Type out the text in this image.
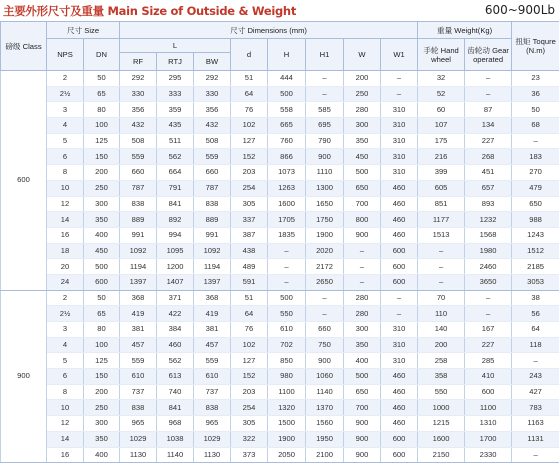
主要外形尺寸及重量 Main Size of Outside & Weight	600~900Lb
磅级 Class	尺寸 Size		尺寸 Dimensions (mm)								重量 Weight(Kg)		扭矩 Toqure (N.m)
	NPS	DN	L			d	H	H1	W	W1	手轮 Hand wheel	齿轮动 Gear operated	
			RF	RTJ	BW								
600	2	50	292	295	292	51	444	–	200	–	32	–	23
	2½	65	330	333	330	64	500	–	250	–	52	–	36
	3	80	356	359	356	76	558	585	280	310	60	87	50
	4	100	432	435	432	102	665	695	300	310	107	134	68
	5	125	508	511	508	127	760	790	350	310	175	227	–
	6	150	559	562	559	152	866	900	450	310	216	268	183
	8	200	660	664	660	203	1073	1110	500	310	399	451	270
	10	250	787	791	787	254	1263	1300	650	460	605	657	479
	12	300	838	841	838	305	1600	1650	700	460	851	893	650
	14	350	889	892	889	337	1705	1750	800	460	1177	1232	988
	16	400	991	994	991	387	1835	1900	900	460	1513	1568	1243
	18	450	1092	1095	1092	438	–	2020	–	600	–	1980	1512
	20	500	1194	1200	1194	489	–	2172	–	600	–	2460	2185
	24	600	1397	1407	1397	591	–	2650	–	600	–	3650	3053
900	2	50	368	371	368	51	500	–	280	–	70	–	38
	2½	65	419	422	419	64	550	–	280	–	110	–	56
	3	80	381	384	381	76	610	660	300	310	140	167	64
	4	100	457	460	457	102	702	750	350	310	200	227	118
	5	125	559	562	559	127	850	900	400	310	258	285	–
	6	150	610	613	610	152	980	1060	500	460	358	410	243
	8	200	737	740	737	203	1100	1140	650	460	550	600	427
	10	250	838	841	838	254	1320	1370	700	460	1000	1100	783
	12	300	965	968	965	305	1500	1560	900	460	1215	1310	1163
	14	350	1029	1038	1029	322	1900	1950	900	600	1600	1700	1131
	16	400	1130	1140	1130	373	2050	2100	900	600	2150	2330	–
